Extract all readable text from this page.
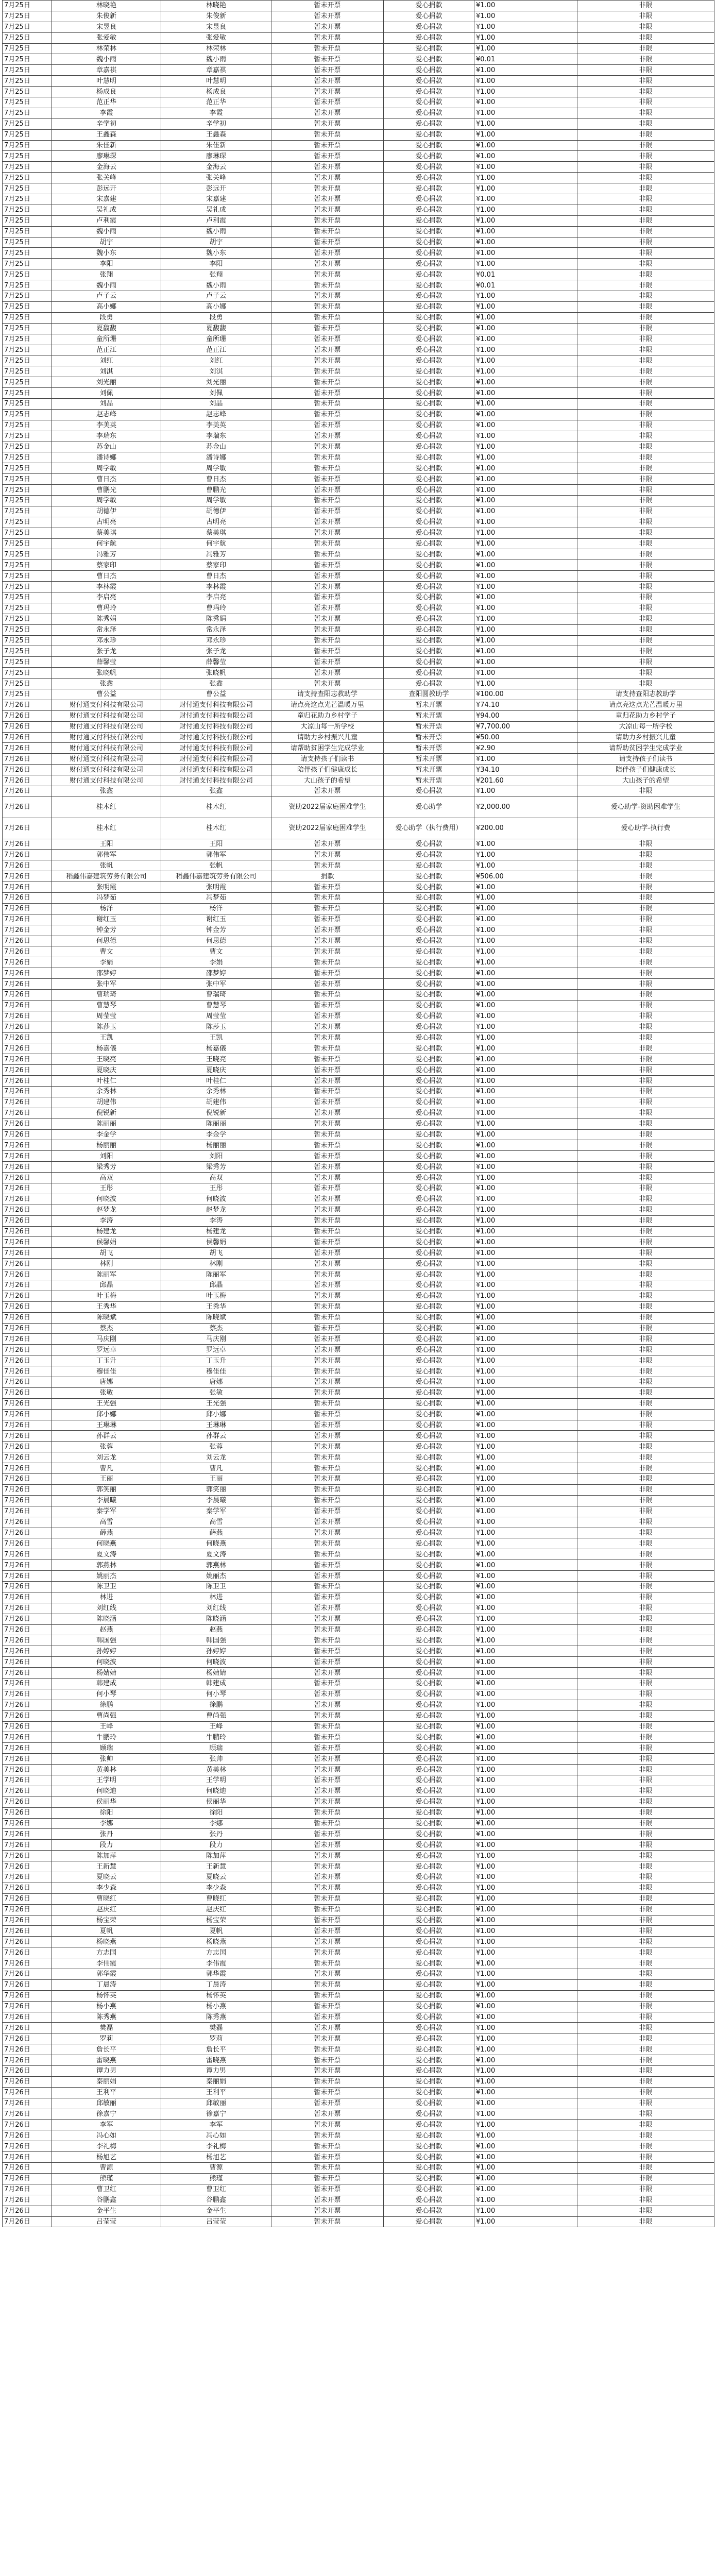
7月25日	林晓艳	林晓艳	暂未开票	爱心捐款	¥1.00	非限
7月25日	朱俊新	朱俊新	暂未开票	爱心捐款	¥1.00	非限
7月25日	宋昱良	宋昱良	暂未开票	爱心捐款	¥1.00	非限
7月25日	张爱敏	张爱敏	暂未开票	爱心捐款	¥1.00	非限
7月25日	林荣林	林荣林	暂未开票	爱心捐款	¥1.00	非限
7月25日	魏小雨	魏小雨	暂未开票	爱心捐款	¥0.01	非限
7月25日	章嘉祺	章嘉祺	暂未开票	爱心捐款	¥1.00	非限
7月25日	叶慧明	叶慧明	暂未开票	爱心捐款	¥1.00	非限
7月25日	杨成良	杨成良	暂未开票	爱心捐款	¥1.00	非限
7月25日	范正华	范正华	暂未开票	爱心捐款	¥1.00	非限
7月25日	李霞	李霞	暂未开票	爱心捐款	¥1.00	非限
7月25日	辛学初	辛学初	暂未开票	爱心捐款	¥1.00	非限
7月25日	王鑫森	王鑫森	暂未开票	爱心捐款	¥1.00	非限
7月25日	朱佳新	朱佳新	暂未开票	爱心捐款	¥1.00	非限
7月25日	廖琳琛	廖琳琛	暂未开票	爱心捐款	¥1.00	非限
7月25日	金海云	金海云	暂未开票	爱心捐款	¥1.00	非限
7月25日	张关峰	张关峰	暂未开票	爱心捐款	¥1.00	非限
7月25日	彭远开	彭远开	暂未开票	爱心捐款	¥1.00	非限
7月25日	宋嘉建	宋嘉建	暂未开票	爱心捐款	¥1.00	非限
7月25日	吴礼成	吴礼成	暂未开票	爱心捐款	¥1.00	非限
7月25日	卢利霞	卢利霞	暂未开票	爱心捐款	¥1.00	非限
7月25日	魏小雨	魏小雨	暂未开票	爱心捐款	¥1.00	非限
7月25日	胡宇	胡宇	暂未开票	爱心捐款	¥1.00	非限
7月25日	魏小东	魏小东	暂未开票	爱心捐款	¥1.00	非限
7月25日	李阳	李阳	暂未开票	爱心捐款	¥1.00	非限
7月25日	张翔	张翔	暂未开票	爱心捐款	¥0.01	非限
7月25日	魏小雨	魏小雨	暂未开票	爱心捐款	¥0.01	非限
7月25日	卢子云	卢子云	暂未开票	爱心捐款	¥1.00	非限
7月25日	高小娜	高小娜	暂未开票	爱心捐款	¥1.00	非限
7月25日	段勇	段勇	暂未开票	爱心捐款	¥1.00	非限
7月25日	夏馥馥	夏馥馥	暂未开票	爱心捐款	¥1.00	非限
7月25日	童所珊	童所珊	暂未开票	爱心捐款	¥1.00	非限
7月25日	范正江	范正江	暂未开票	爱心捐款	¥1.00	非限
7月25日	刘红	刘红	暂未开票	爱心捐款	¥1.00	非限
7月25日	刘淇	刘淇	暂未开票	爱心捐款	¥1.00	非限
7月25日	刘光丽	刘光丽	暂未开票	爱心捐款	¥1.00	非限
7月25日	刘佩	刘佩	暂未开票	爱心捐款	¥1.00	非限
7月25日	刘晶	刘晶	暂未开票	爱心捐款	¥1.00	非限
7月25日	赵志峰	赵志峰	暂未开票	爱心捐款	¥1.00	非限
7月25日	李美英	李美英	暂未开票	爱心捐款	¥1.00	非限
7月25日	李瑞东	李瑞东	暂未开票	爱心捐款	¥1.00	非限
7月25日	苏金山	苏金山	暂未开票	爱心捐款	¥1.00	非限
7月25日	潘诗娜	潘诗娜	暂未开票	爱心捐款	¥1.00	非限
7月25日	周学敏	周学敏	暂未开票	爱心捐款	¥1.00	非限
7月25日	曹日杰	曹日杰	暂未开票	爱心捐款	¥1.00	非限
7月25日	曹鹏光	曹鹏光	暂未开票	爱心捐款	¥1.00	非限
7月25日	周学敏	周学敏	暂未开票	爱心捐款	¥1.00	非限
7月25日	胡德伊	胡德伊	暂未开票	爱心捐款	¥1.00	非限
7月25日	古明亮	古明亮	暂未开票	爱心捐款	¥1.00	非限
7月25日	蔡美琪	蔡美琪	暂未开票	爱心捐款	¥1.00	非限
7月25日	何宇航	何宇航	暂未开票	爱心捐款	¥1.00	非限
7月25日	冯雅芳	冯雅芳	暂未开票	爱心捐款	¥1.00	非限
7月25日	蔡家印	蔡家印	暂未开票	爱心捐款	¥1.00	非限
7月25日	曹日杰	曹日杰	暂未开票	爱心捐款	¥1.00	非限
7月25日	李林霞	李林霞	暂未开票	爱心捐款	¥1.00	非限
7月25日	李启亮	李启亮	暂未开票	爱心捐款	¥1.00	非限
7月25日	曹玛玲	曹玛玲	暂未开票	爱心捐款	¥1.00	非限
7月25日	陈秀娟	陈秀娟	暂未开票	爱心捐款	¥1.00	非限
7月25日	常永泽	常永泽	暂未开票	爱心捐款	¥1.00	非限
7月25日	邓永珍	邓永珍	暂未开票	爱心捐款	¥1.00	非限
7月25日	张子龙	张子龙	暂未开票	爱心捐款	¥1.00	非限
7月25日	薛馨莹	薛馨莹	暂未开票	爱心捐款	¥1.00	非限
7月25日	张晓帆	张晓帆	暂未开票	爱心捐款	¥1.00	非限
7月25日	张鑫	张鑫	暂未开票	爱心捐款	¥1.00	非限
7月25日	曹公益	曹公益	请支持查阳志教助学	查阳圆教助学	¥100.00	请支持查阳志教助学
7月26日	财付通支付科技有限公司	财付通支付科技有限公司	请点亮这点光芒温暖万里	暂未开票	¥74.10	请点亮这点光芒温暖万里
7月26日	财付通支付科技有限公司	财付通支付科技有限公司	童归花助力乡村学子	暂未开票	¥94.00	童归花助力乡村学子
7月26日	财付通支付科技有限公司	财付通支付科技有限公司	大凉山每一所学校	暂未开票	¥7,700.00	大凉山每一所学校
7月26日	财付通支付科技有限公司	财付通支付科技有限公司	请助力乡村振兴儿童	暂未开票	¥50.00	请助力乡村振兴儿童
7月26日	财付通支付科技有限公司	财付通支付科技有限公司	请帮助贫困学生完成学业	暂未开票	¥2.90	请帮助贫困学生完成学业
7月26日	财付通支付科技有限公司	财付通支付科技有限公司	请支持孩子们读书	暂未开票	¥1.00	请支持孩子们读书
7月26日	财付通支付科技有限公司	财付通支付科技有限公司	陪伴孩子们健康成长	暂未开票	¥34.10	陪伴孩子们健康成长
7月26日	财付通支付科技有限公司	财付通支付科技有限公司	大山孩子的希望	暂未开票	¥201.60	大山孩子的希望
7月26日	张鑫	张鑫	暂未开票	爱心捐款	¥1.00	非限
7月26日	桂木红	桂木红	资助2022届家庭困难学生	爱心助学	¥2,000.00	爱心助学-资助困难学生
7月26日	桂木红	桂木红	资助2022届家庭困难学生	爱心助学（执行费用）	¥200.00	爱心助学-执行费
7月26日	王阳	王阳	暂未开票	爱心捐款	¥1.00	非限
7月26日	郭伟军	郭伟军	暂未开票	爱心捐款	¥1.00	非限
7月26日	张帆	张帆	暂未开票	爱心捐款	¥1.00	非限
7月26日	稻鑫伟嘉建筑劳务有限公司	稻鑫伟嘉建筑劳务有限公司	捐款	爱心捐款	¥506.00	非限
7月26日	张明霞	张明霞	暂未开票	爱心捐款	¥1.00	非限
7月26日	冯梦茹	冯梦茹	暂未开票	爱心捐款	¥1.00	非限
7月26日	杨洋	杨洋	暂未开票	爱心捐款	¥1.00	非限
7月26日	谢红玉	谢红玉	暂未开票	爱心捐款	¥1.00	非限
7月26日	钟金芳	钟金芳	暂未开票	爱心捐款	¥1.00	非限
7月26日	何思德	何思德	暂未开票	爱心捐款	¥1.00	非限
7月26日	曹文	曹文	暂未开票	爱心捐款	¥1.00	非限
7月26日	李娟	李娟	暂未开票	爱心捐款	¥1.00	非限
7月26日	邵梦婷	邵梦婷	暂未开票	爱心捐款	¥1.00	非限
7月26日	张中军	张中军	暂未开票	爱心捐款	¥1.00	非限
7月26日	曹瑞琦	曹瑞琦	暂未开票	爱心捐款	¥1.00	非限
7月26日	曹慧琴	曹慧琴	暂未开票	爱心捐款	¥1.00	非限
7月26日	周莹莹	周莹莹	暂未开票	爱心捐款	¥1.00	非限
7月26日	陈莎玉	陈莎玉	暂未开票	爱心捐款	¥1.00	非限
7月26日	王凯	王凯	暂未开票	爱心捐款	¥1.00	非限
7月26日	杨嘉儀	杨嘉儀	暂未开票	爱心捐款	¥1.00	非限
7月26日	王晓亮	王晓亮	暂未开票	爱心捐款	¥1.00	非限
7月26日	夏晓庆	夏晓庆	暂未开票	爱心捐款	¥1.00	非限
7月26日	叶桂仁	叶桂仁	暂未开票	爱心捐款	¥1.00	非限
7月26日	余秀林	余秀林	暂未开票	爱心捐款	¥1.00	非限
7月26日	胡建伟	胡建伟	暂未开票	爱心捐款	¥1.00	非限
7月26日	倪锐新	倪锐新	暂未开票	爱心捐款	¥1.00	非限
7月26日	陈丽丽	陈丽丽	暂未开票	爱心捐款	¥1.00	非限
7月26日	李金学	李金学	暂未开票	爱心捐款	¥1.00	非限
7月26日	杨丽丽	杨丽丽	暂未开票	爱心捐款	¥1.00	非限
7月26日	刘阳	刘阳	暂未开票	爱心捐款	¥1.00	非限
7月26日	梁秀芳	梁秀芳	暂未开票	爱心捐款	¥1.00	非限
7月26日	高双	高双	暂未开票	爱心捐款	¥1.00	非限
7月26日	王彤	王彤	暂未开票	爱心捐款	¥1.00	非限
7月26日	何晓波	何晓波	暂未开票	爱心捐款	¥1.00	非限
7月26日	赵梦龙	赵梦龙	暂未开票	爱心捐款	¥1.00	非限
7月26日	李涛	李涛	暂未开票	爱心捐款	¥1.00	非限
7月26日	杨建龙	杨建龙	暂未开票	爱心捐款	¥1.00	非限
7月26日	侯馨娟	侯馨娟	暂未开票	爱心捐款	¥1.00	非限
7月26日	胡飞	胡飞	暂未开票	爱心捐款	¥1.00	非限
7月26日	林刚	林刚	暂未开票	爱心捐款	¥1.00	非限
7月26日	陈丽军	陈丽军	暂未开票	爱心捐款	¥1.00	非限
7月26日	邱晶	邱晶	暂未开票	爱心捐款	¥1.00	非限
7月26日	叶玉梅	叶玉梅	暂未开票	爱心捐款	¥1.00	非限
7月26日	王秀华	王秀华	暂未开票	爱心捐款	¥1.00	非限
7月26日	陈晓斌	陈晓斌	暂未开票	爱心捐款	¥1.00	非限
7月26日	蔡杰	蔡杰	暂未开票	爱心捐款	¥1.00	非限
7月26日	马庆刚	马庆刚	暂未开票	爱心捐款	¥1.00	非限
7月26日	罗远卓	罗远卓	暂未开票	爱心捐款	¥1.00	非限
7月26日	丁玉升	丁玉升	暂未开票	爱心捐款	¥1.00	非限
7月26日	穆佳佳	穆佳佳	暂未开票	爱心捐款	¥1.00	非限
7月26日	唐娜	唐娜	暂未开票	爱心捐款	¥1.00	非限
7月26日	张敏	张敏	暂未开票	爱心捐款	¥1.00	非限
7月26日	王光强	王光强	暂未开票	爱心捐款	¥1.00	非限
7月26日	邱小娜	邱小娜	暂未开票	爱心捐款	¥1.00	非限
7月26日	王琳琳	王琳琳	暂未开票	爱心捐款	¥1.00	非限
7月26日	孙群云	孙群云	暂未开票	爱心捐款	¥1.00	非限
7月26日	张蓉	张蓉	暂未开票	爱心捐款	¥1.00	非限
7月26日	刘云龙	刘云龙	暂未开票	爱心捐款	¥1.00	非限
7月26日	曹凡	曹凡	暂未开票	爱心捐款	¥1.00	非限
7月26日	王丽	王丽	暂未开票	爱心捐款	¥1.00	非限
7月26日	郭笑丽	郭笑丽	暂未开票	爱心捐款	¥1.00	非限
7月26日	李晨曦	李晨曦	暂未开票	爱心捐款	¥1.00	非限
7月26日	秦学军	秦学军	暂未开票	爱心捐款	¥1.00	非限
7月26日	高雪	高雪	暂未开票	爱心捐款	¥1.00	非限
7月26日	薛燕	薛燕	暂未开票	爱心捐款	¥1.00	非限
7月26日	何晓燕	何晓燕	暂未开票	爱心捐款	¥1.00	非限
7月26日	夏文涛	夏文涛	暂未开票	爱心捐款	¥1.00	非限
7月26日	郭燕林	郭燕林	暂未开票	爱心捐款	¥1.00	非限
7月26日	姚丽杰	姚丽杰	暂未开票	爱心捐款	¥1.00	非限
7月26日	陈卫卫	陈卫卫	暂未开票	爱心捐款	¥1.00	非限
7月26日	林进	林进	暂未开票	爱心捐款	¥1.00	非限
7月26日	刘红线	刘红线	暂未开票	爱心捐款	¥1.00	非限
7月26日	陈晓涵	陈晓涵	暂未开票	爱心捐款	¥1.00	非限
7月26日	赵燕	赵燕	暂未开票	爱心捐款	¥1.00	非限
7月26日	韩国强	韩国强	暂未开票	爱心捐款	¥1.00	非限
7月26日	孙婷婷	孙婷婷	暂未开票	爱心捐款	¥1.00	非限
7月26日	何晓波	何晓波	暂未开票	爱心捐款	¥1.00	非限
7月26日	杨婧婧	杨婧婧	暂未开票	爱心捐款	¥1.00	非限
7月26日	韩建成	韩建成	暂未开票	爱心捐款	¥1.00	非限
7月26日	何小琴	何小琴	暂未开票	爱心捐款	¥1.00	非限
7月26日	徐鹏	徐鹏	暂未开票	爱心捐款	¥1.00	非限
7月26日	曹尚强	曹尚强	暂未开票	爱心捐款	¥1.00	非限
7月26日	王峰	王峰	暂未开票	爱心捐款	¥1.00	非限
7月26日	牛鹏玲	牛鹏玲	暂未开票	爱心捐款	¥1.00	非限
7月26日	顾瑞	顾瑞	暂未开票	爱心捐款	¥1.00	非限
7月26日	张帅	张帅	暂未开票	爱心捐款	¥1.00	非限
7月26日	黄美林	黄美林	暂未开票	爱心捐款	¥1.00	非限
7月26日	王学明	王学明	暂未开票	爱心捐款	¥1.00	非限
7月26日	何晓迪	何晓迪	暂未开票	爱心捐款	¥1.00	非限
7月26日	侯丽华	侯丽华	暂未开票	爱心捐款	¥1.00	非限
7月26日	徐阳	徐阳	暂未开票	爱心捐款	¥1.00	非限
7月26日	李娜	李娜	暂未开票	爱心捐款	¥1.00	非限
7月26日	张丹	张丹	暂未开票	爱心捐款	¥1.00	非限
7月26日	段力	段力	暂未开票	爱心捐款	¥1.00	非限
7月26日	陈加萍	陈加萍	暂未开票	爱心捐款	¥1.00	非限
7月26日	王新慧	王新慧	暂未开票	爱心捐款	¥1.00	非限
7月26日	夏晓云	夏晓云	暂未开票	爱心捐款	¥1.00	非限
7月26日	李少森	李少森	暂未开票	爱心捐款	¥1.00	非限
7月26日	曹晓红	曹晓红	暂未开票	爱心捐款	¥1.00	非限
7月26日	赵庆红	赵庆红	暂未开票	爱心捐款	¥1.00	非限
7月26日	杨宝荣	杨宝荣	暂未开票	爱心捐款	¥1.00	非限
7月26日	夏帆	夏帆	暂未开票	爱心捐款	¥1.00	非限
7月26日	杨晓燕	杨晓燕	暂未开票	爱心捐款	¥1.00	非限
7月26日	方志国	方志国	暂未开票	爱心捐款	¥1.00	非限
7月26日	李伟霞	李伟霞	暂未开票	爱心捐款	¥1.00	非限
7月26日	郭华霞	郭华霞	暂未开票	爱心捐款	¥1.00	非限
7月26日	丁晨涛	丁晨涛	暂未开票	爱心捐款	¥1.00	非限
7月26日	杨怀英	杨怀英	暂未开票	爱心捐款	¥1.00	非限
7月26日	杨小燕	杨小燕	暂未开票	爱心捐款	¥1.00	非限
7月26日	陈秀燕	陈秀燕	暂未开票	爱心捐款	¥1.00	非限
7月26日	樊磊	樊磊	暂未开票	爱心捐款	¥1.00	非限
7月26日	罗莉	罗莉	暂未开票	爱心捐款	¥1.00	非限
7月26日	詹长平	詹长平	暂未开票	爱心捐款	¥1.00	非限
7月26日	雷晓燕	雷晓燕	暂未开票	爱心捐款	¥1.00	非限
7月26日	谭力男	谭力男	暂未开票	爱心捐款	¥1.00	非限
7月26日	秦丽娟	秦丽娟	暂未开票	爱心捐款	¥1.00	非限
7月26日	王利平	王利平	暂未开票	爱心捐款	¥1.00	非限
7月26日	邱敏丽	邱敏丽	暂未开票	爱心捐款	¥1.00	非限
7月26日	徐嘉宁	徐嘉宁	暂未开票	爱心捐款	¥1.00	非限
7月26日	李军	李军	暂未开票	爱心捐款	¥1.00	非限
7月26日	冯心如	冯心如	暂未开票	爱心捐款	¥1.00	非限
7月26日	李礼梅	李礼梅	暂未开票	爱心捐款	¥1.00	非限
7月26日	杨旭艺	杨旭艺	暂未开票	爱心捐款	¥1.00	非限
7月26日	曹源	曹源	暂未开票	爱心捐款	¥1.00	非限
7月26日	熊瑾	熊瑾	暂未开票	爱心捐款	¥1.00	非限
7月26日	曹卫红	曹卫红	暂未开票	爱心捐款	¥1.00	非限
7月26日	谷鹏鑫	谷鹏鑫	暂未开票	爱心捐款	¥1.00	非限
7月26日	金平生	金平生	暂未开票	爱心捐款	¥1.00	非限
7月26日	吕莹莹	吕莹莹	暂未开票	爱心捐款	¥1.00	非限
